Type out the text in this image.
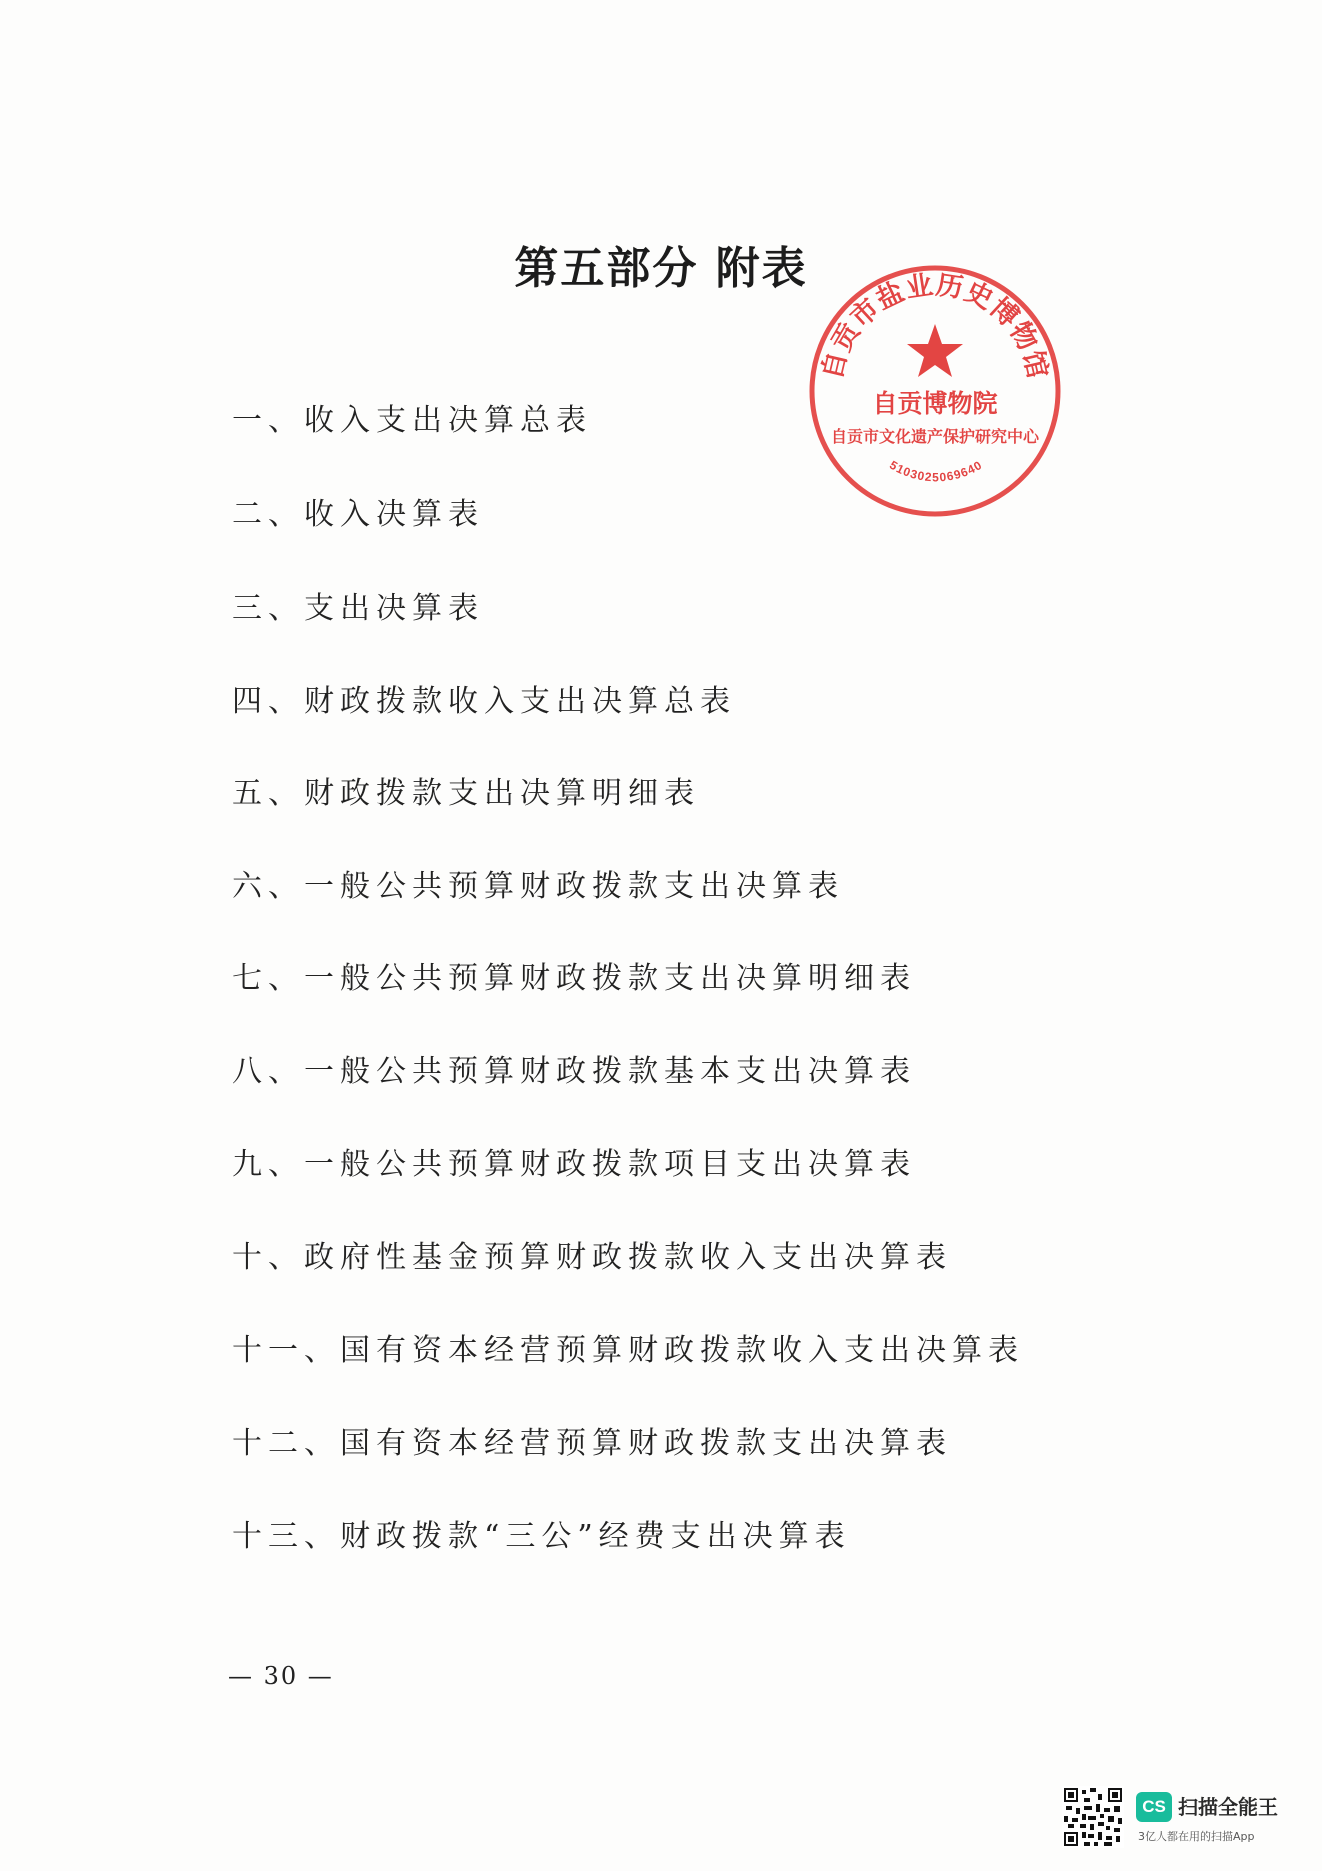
第五部分 附表
一、收入支出决算总表
二、收入决算表
三、支出决算表
四、财政拨款收入支出决算总表
五、财政拨款支出决算明细表
六、一般公共预算财政拨款支出决算表
七、一般公共预算财政拨款支出决算明细表
八、一般公共预算财政拨款基本支出决算表
九、一般公共预算财政拨款项目支出决算表
十、政府性基金预算财政拨款收入支出决算表
十一、国有资本经营预算财政拨款收入支出决算表
十二、国有资本经营预算财政拨款支出决算表
十三、财政拨款“三公”经费支出决算表
自贡市盐业历史博物馆
自贡博物院
自贡市文化遗产保护研究中心
5103025069640
— 30 —
CS 扫描全能王
3亿人都在用的扫描App
